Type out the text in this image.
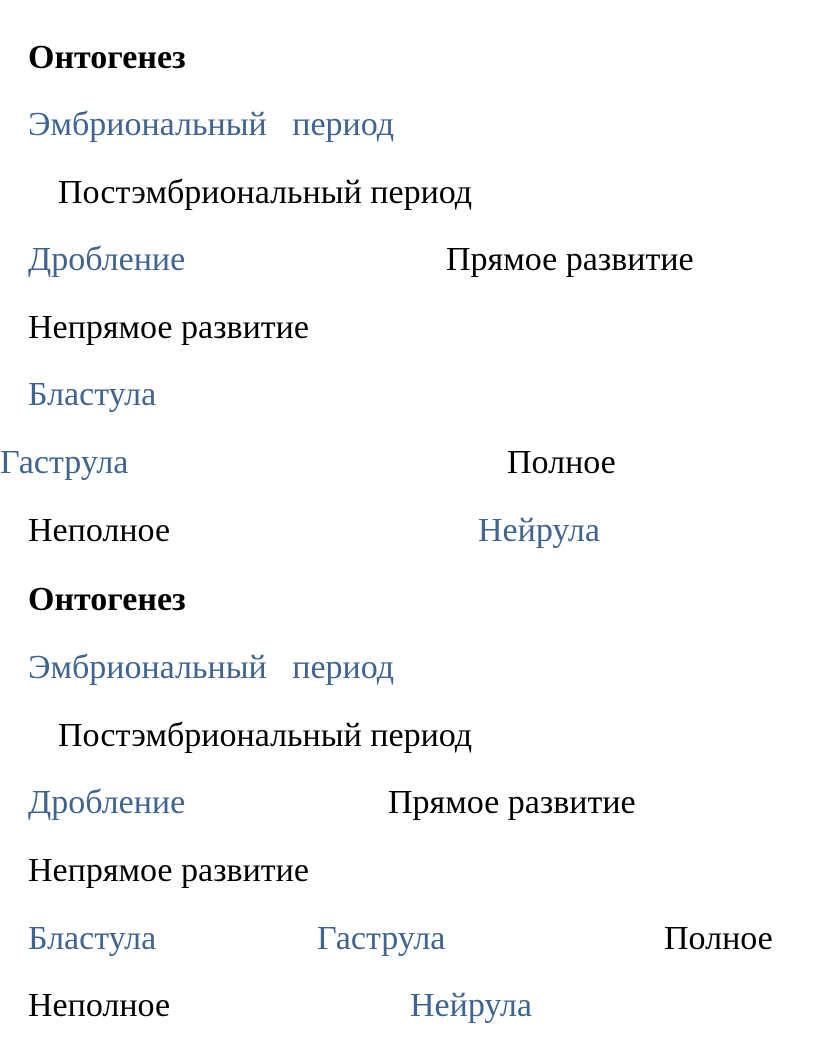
Онтогенез
Эмбриональный   период
Постэмбриональный период
Дробление	Прямое развитие
Непрямое развитие
Бластула
Гаструла	Полное
Неполное	Нейрула
Онтогенез
Эмбриональный   период
Постэмбриональный период
Дробление	Прямое развитие
Непрямое развитие
Бластула	Гаструла	Полное
Неполное	Нейрула
